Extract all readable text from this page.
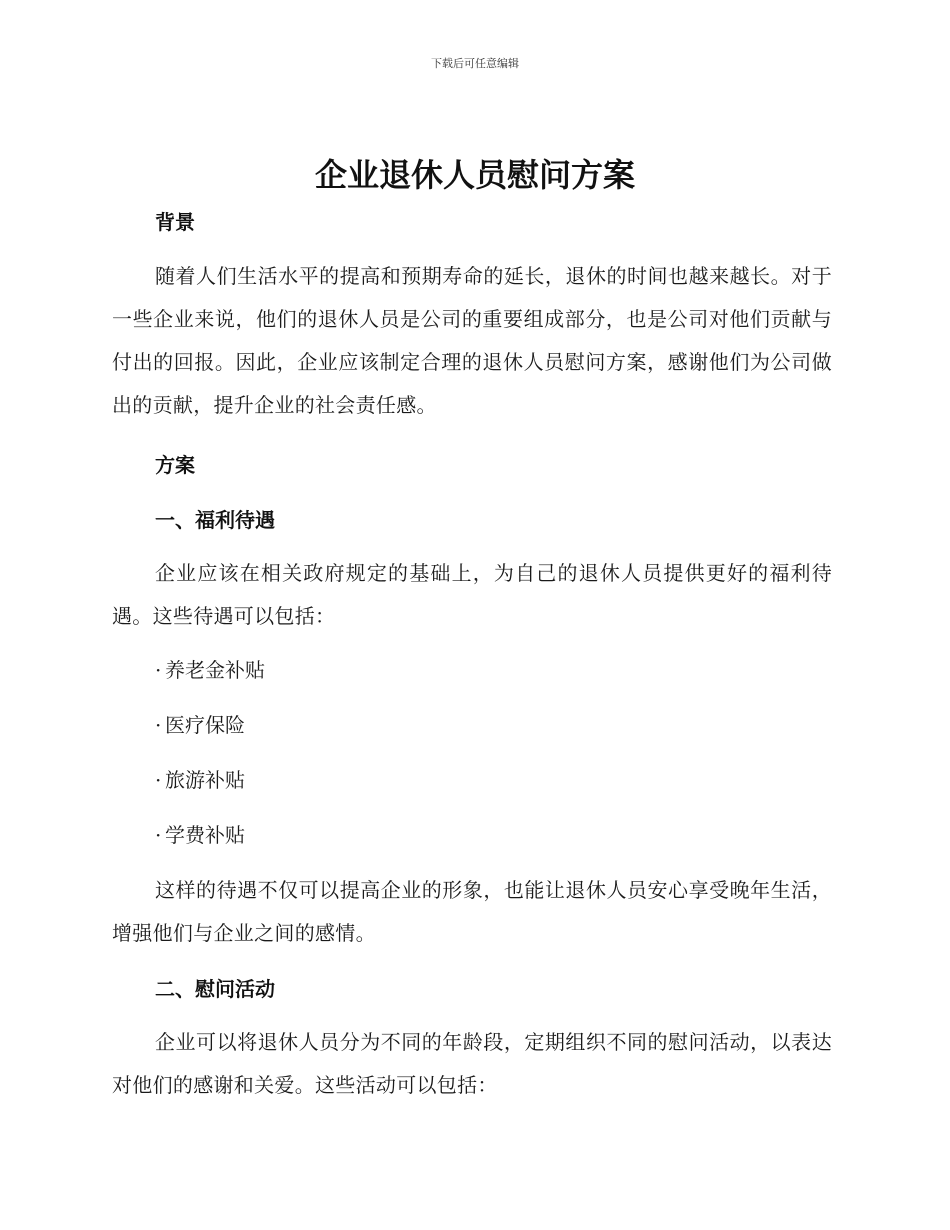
下载后可任意编辑
企业退休人员慰问方案

背景

随着人们生活水平的提高和预期寿命的延长，退休的时间也越来越长。对于一些企业来说，他们的退休人员是公司的重要组成部分，也是公司对他们贡献与付出的回报。因此，企业应该制定合理的退休人员慰问方案，感谢他们为公司做出的贡献，提升企业的社会责任感。

方案

一、福利待遇

企业应该在相关政府规定的基础上，为自己的退休人员提供更好的福利待遇。这些待遇可以包括：

· 养老金补贴

· 医疗保险

· 旅游补贴

· 学费补贴

这样的待遇不仅可以提高企业的形象，也能让退休人员安心享受晚年生活，增强他们与企业之间的感情。

二、慰问活动

企业可以将退休人员分为不同的年龄段，定期组织不同的慰问活动，以表达对他们的感谢和关爱。这些活动可以包括：
